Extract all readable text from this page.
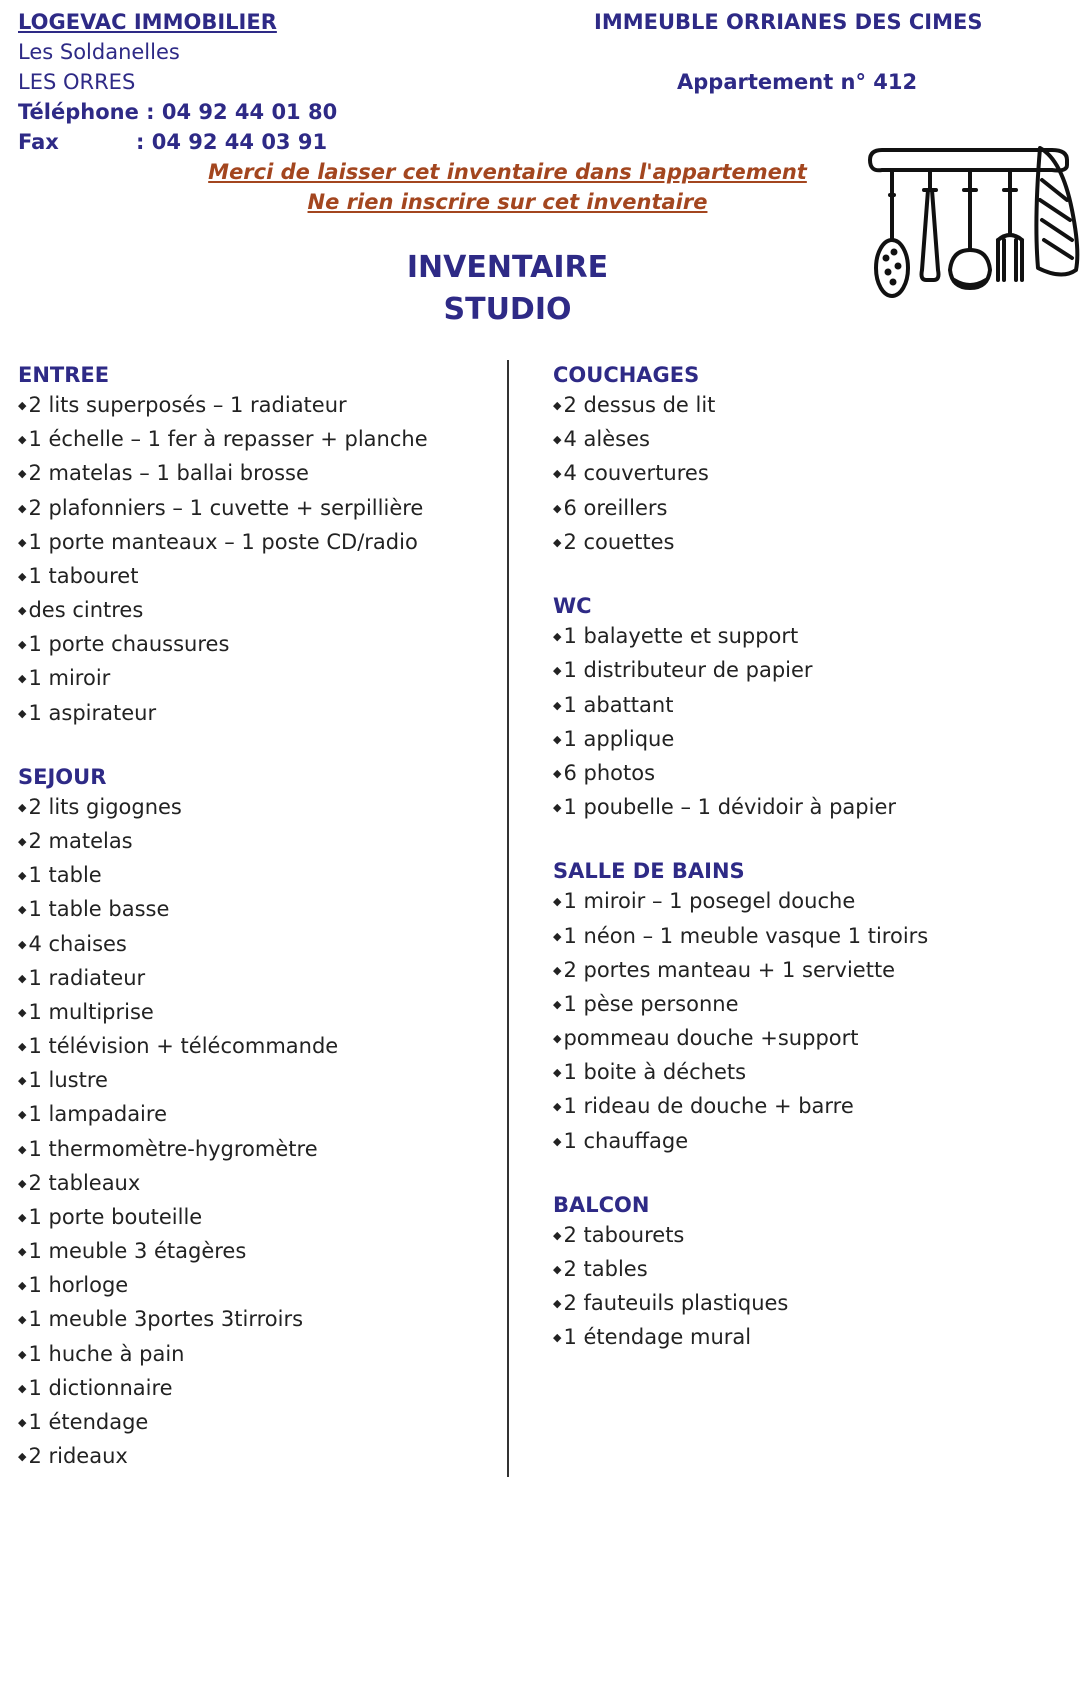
LOGEVAC IMMOBILIER
Les Soldanelles
LES ORRES
Téléphone : 04 92 44 01 80
Fax	: 04 92 44 03 91
IMMEUBLE ORRIANES DES CIMES
Appartement n° 412
Merci de laisser cet inventaire dans l'appartement
Ne rien inscrire sur cet inventaire
INVENTAIRE
STUDIO
ENTREE
◆ 2 lits superposés – 1 radiateur
◆ 1 échelle – 1 fer à repasser + planche
◆ 2 matelas – 1 ballai brosse
◆ 2 plafonniers – 1 cuvette + serpillière
◆ 1 porte manteaux – 1 poste CD/radio
◆ 1 tabouret
◆ des cintres
◆ 1 porte chaussures
◆ 1 miroir
◆ 1 aspirateur
SEJOUR
◆ 2 lits gigognes
◆ 2 matelas
◆ 1 table
◆ 1 table basse
◆ 4 chaises
◆ 1 radiateur
◆ 1 multiprise
◆ 1 télévision + télécommande
◆ 1 lustre
◆ 1 lampadaire
◆ 1 thermomètre-hygromètre
◆ 2 tableaux
◆ 1 porte bouteille
◆ 1 meuble 3 étagères
◆ 1 horloge
◆ 1 meuble 3portes 3tirroirs
◆ 1 huche à pain
◆ 1 dictionnaire
◆ 1 étendage
◆ 2 rideaux
COUCHAGES
◆ 2 dessus de lit
◆ 4 alèses
◆ 4 couvertures
◆ 6 oreillers
◆ 2 couettes
WC
◆ 1 balayette et support
◆ 1 distributeur de papier
◆ 1 abattant
◆ 1 applique
◆ 6 photos
◆ 1 poubelle – 1 dévidoir à papier
SALLE DE BAINS
◆ 1 miroir – 1 posegel douche
◆ 1 néon – 1 meuble vasque 1 tiroirs
◆ 2 portes manteau + 1 serviette
◆ 1 pèse personne
◆ pommeau douche +support
◆ 1 boite à déchets
◆ 1 rideau de douche + barre
◆ 1 chauffage
BALCON
◆ 2 tabourets
◆ 2 tables
◆ 2 fauteuils plastiques
◆ 1 étendage mural
